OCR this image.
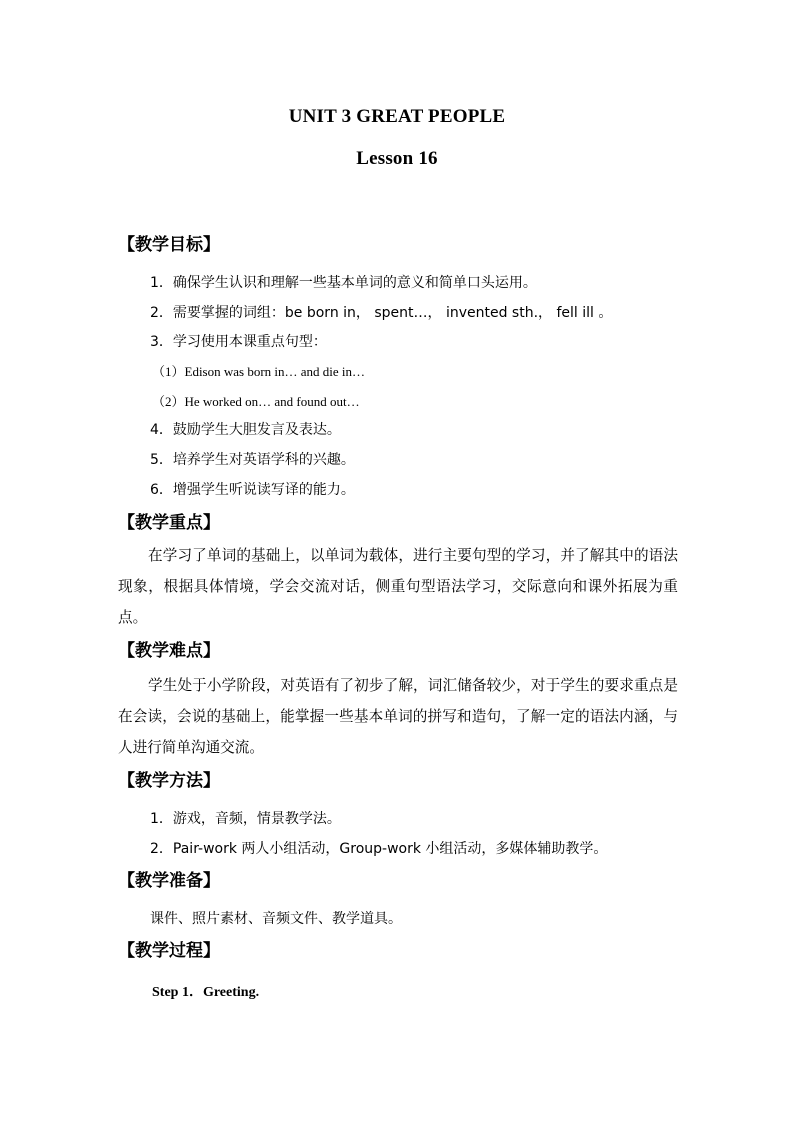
UNIT 3 GREAT PEOPLE
Lesson 16
【教学目标】
1．确保学生认识和理解一些基本单词的意义和简单口头运用。
2．需要掌握的词组：be born in， spent…， invented sth.， fell ill 。
3．学习使用本课重点句型：
（1）Edison was born in… and die in…
（2）He worked on… and found out…
4．鼓励学生大胆发言及表达。
5．培养学生对英语学科的兴趣。
6．增强学生听说读写译的能力。
【教学重点】
在学习了单词的基础上，以单词为载体，进行主要句型的学习，并了解其中的语法现象，根据具体情境，学会交流对话，侧重句型语法学习，交际意向和课外拓展为重点。
【教学难点】
学生处于小学阶段，对英语有了初步了解，词汇储备较少，对于学生的要求重点是在会读，会说的基础上，能掌握一些基本单词的拼写和造句，了解一定的语法内涵，与人进行简单沟通交流。
【教学方法】
1．游戏，音频，情景教学法。
2．Pair-work 两人小组活动，Group-work 小组活动，多媒体辅助教学。
【教学准备】
课件、照片素材、音频文件、教学道具。
【教学过程】
Step 1．Greeting.
